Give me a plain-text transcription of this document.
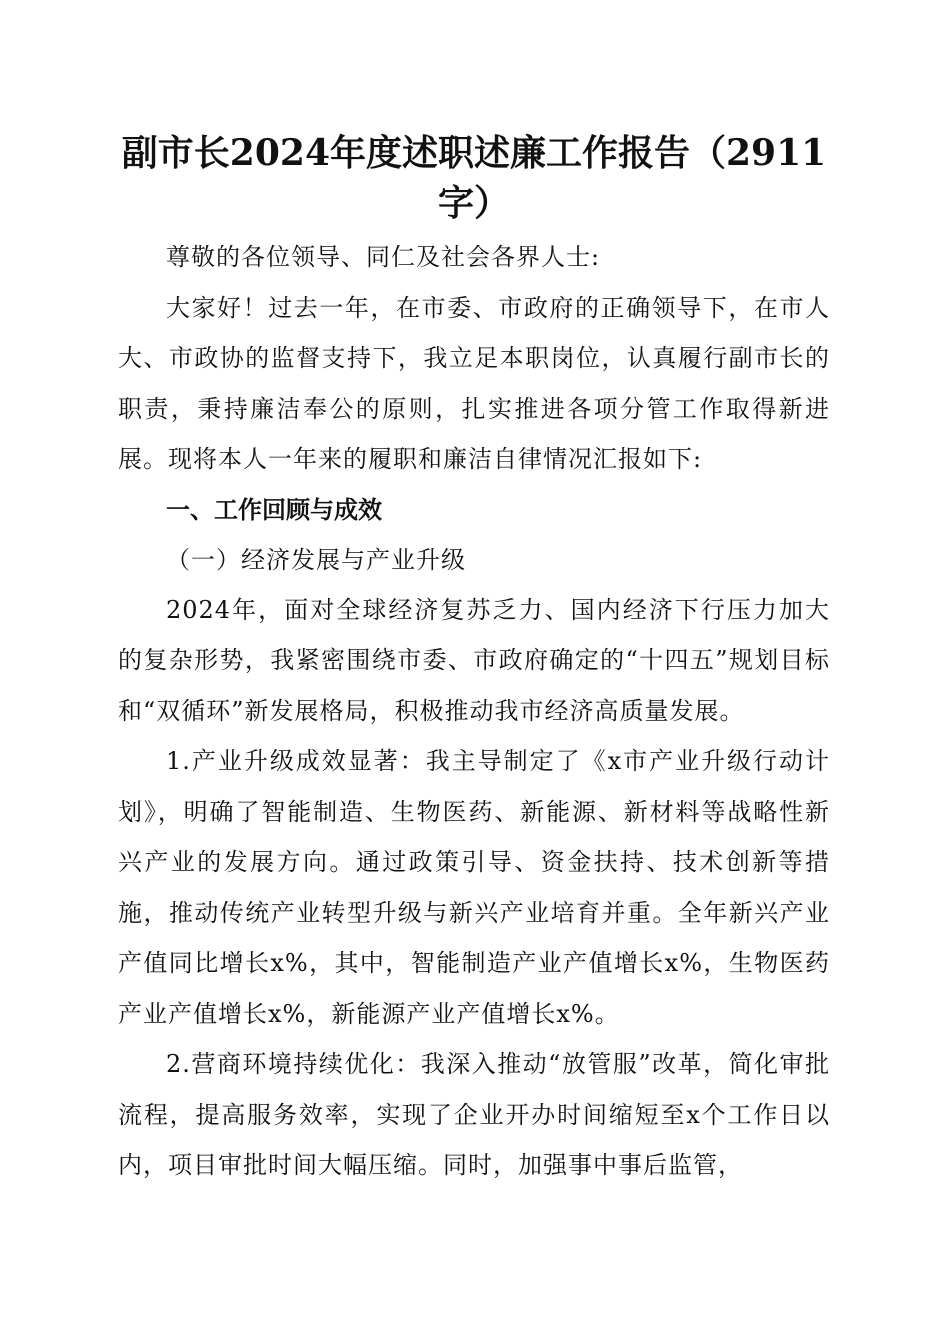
副市长2024年度述职述廉工作报告（2911
字）

尊敬的各位领导、同仁及社会各界人士:

大家好！过去一年，在市委、市政府的正确领导下，在市人大、市政协的监督支持下，我立足本职岗位，认真履行副市长的职责，秉持廉洁奉公的原则，扎实推进各项分管工作取得新进展。现将本人一年来的履职和廉洁自律情况汇报如下:

一、工作回顾与成效

（一）经济发展与产业升级

2024年，面对全球经济复苏乏力、国内经济下行压力加大的复杂形势，我紧密围绕市委、市政府确定的“十四五”规划目标和“双循环”新发展格局，积极推动我市经济高质量发展。

1.产业升级成效显著：我主导制定了《x市产业升级行动计划》，明确了智能制造、生物医药、新能源、新材料等战略性新兴产业的发展方向。通过政策引导、资金扶持、技术创新等措施，推动传统产业转型升级与新兴产业培育并重。全年新兴产业产值同比增长x%，其中，智能制造产业产值增长x%，生物医药产业产值增长x%，新能源产业产值增长x%。

2.营商环境持续优化：我深入推动“放管服”改革，简化审批流程，提高服务效率，实现了企业开办时间缩短至x个工作日以内，项目审批时间大幅压缩。同时，加强事中事后监管，
